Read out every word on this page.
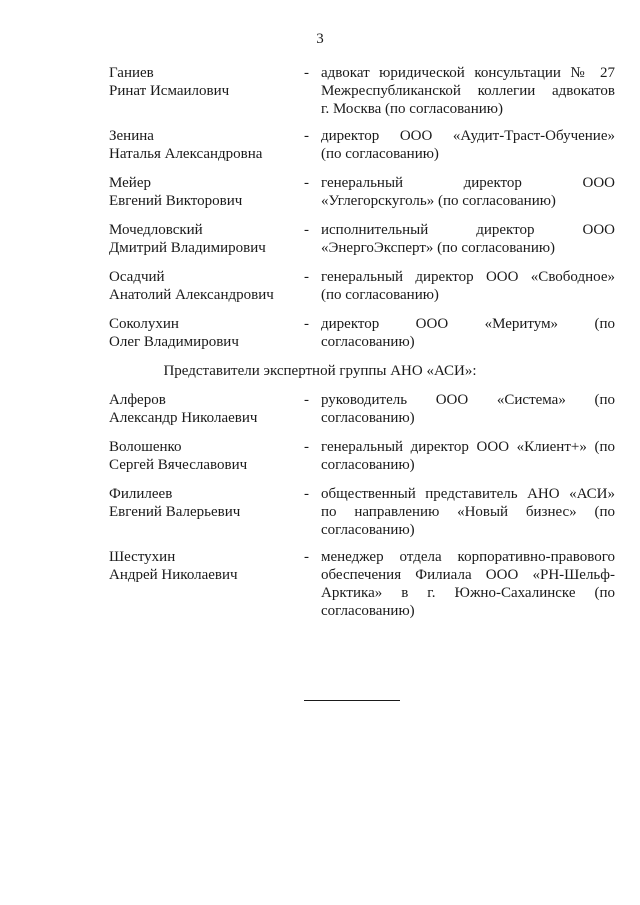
3
Ганиев
Ринат Исмаилович
- адвокат юридической консультации № 27
Межреспубликанской коллегии адвокатов
г. Москва (по согласованию)
Зенина
Наталья Александровна
- директор ООО «Аудит-Траст-Обучение»
(по согласованию)
Мейер
Евгений Викторович
- генеральный директор ООО
«Углегорскуголь» (по согласованию)
Мочедловский
Дмитрий Владимирович
- исполнительный директор ООО
«ЭнергоЭксперт» (по согласованию)
Осадчий
Анатолий Александрович
- генеральный директор ООО «Свободное»
(по согласованию)
Соколухин
Олег Владимирович
- директор ООО «Меритум» (по
согласованию)
Представители экспертной группы АНО «АСИ»:
Алферов
Александр Николаевич
- руководитель ООО «Система» (по
согласованию)
Волошенко
Сергей Вячеславович
- генеральный директор ООО «Клиент+» (по
согласованию)
Филилеев
Евгений Валерьевич
- общественный представитель АНО «АСИ»
по направлению «Новый бизнес» (по
согласованию)
Шестухин
Андрей Николаевич
- менеджер отдела корпоративно-правового
обеспечения Филиала ООО «РН-Шельф-
Арктика» в г. Южно-Сахалинске (по
согласованию)
